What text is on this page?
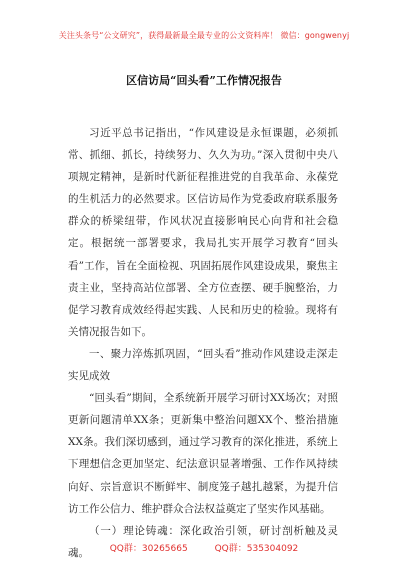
关注头条号“公文研究”，获得最新最全最专业的公文资料库！ 微信：gongwenyj
区信访局“回头看”工作情况报告

习近平总书记指出，“作风建设是永恒课题，必须抓常、抓细、抓长，持续努力、久久为功。”深入贯彻中央八项规定精神，是新时代新征程推进党的自我革命、永葆党的生机活力的必然要求。区信访局作为党委政府联系服务群众的桥梁纽带，作风状况直接影响民心向背和社会稳定。根据统一部署要求，我局扎实开展学习教育“回头看”工作，旨在全面检视、巩固拓展作风建设成果，聚焦主责主业，坚持高站位部署、全方位查摆、硬手腕整治，力促学习教育成效经得起实践、人民和历史的检验。现将有关情况报告如下。

一、聚力淬炼抓巩固，“回头看”推动作风建设走深走实见成效

“回头看”期间，全系统新开展学习研讨XX场次；对照更新问题清单XX条；更新集中整治问题XX个、整治措施XX条。我们深切感到，通过学习教育的深化推进，系统上下理想信念更加坚定、纪法意识显著增强、工作作风持续向好、宗旨意识不断鲜牢、制度笼子越扎越紧，为提升信访工作公信力、维护群众合法权益奠定了坚实作风基础。

（一）理论铸魂：深化政治引领，研讨剖析触及灵魂。	QQ群：30265665	QQ群：535304092
